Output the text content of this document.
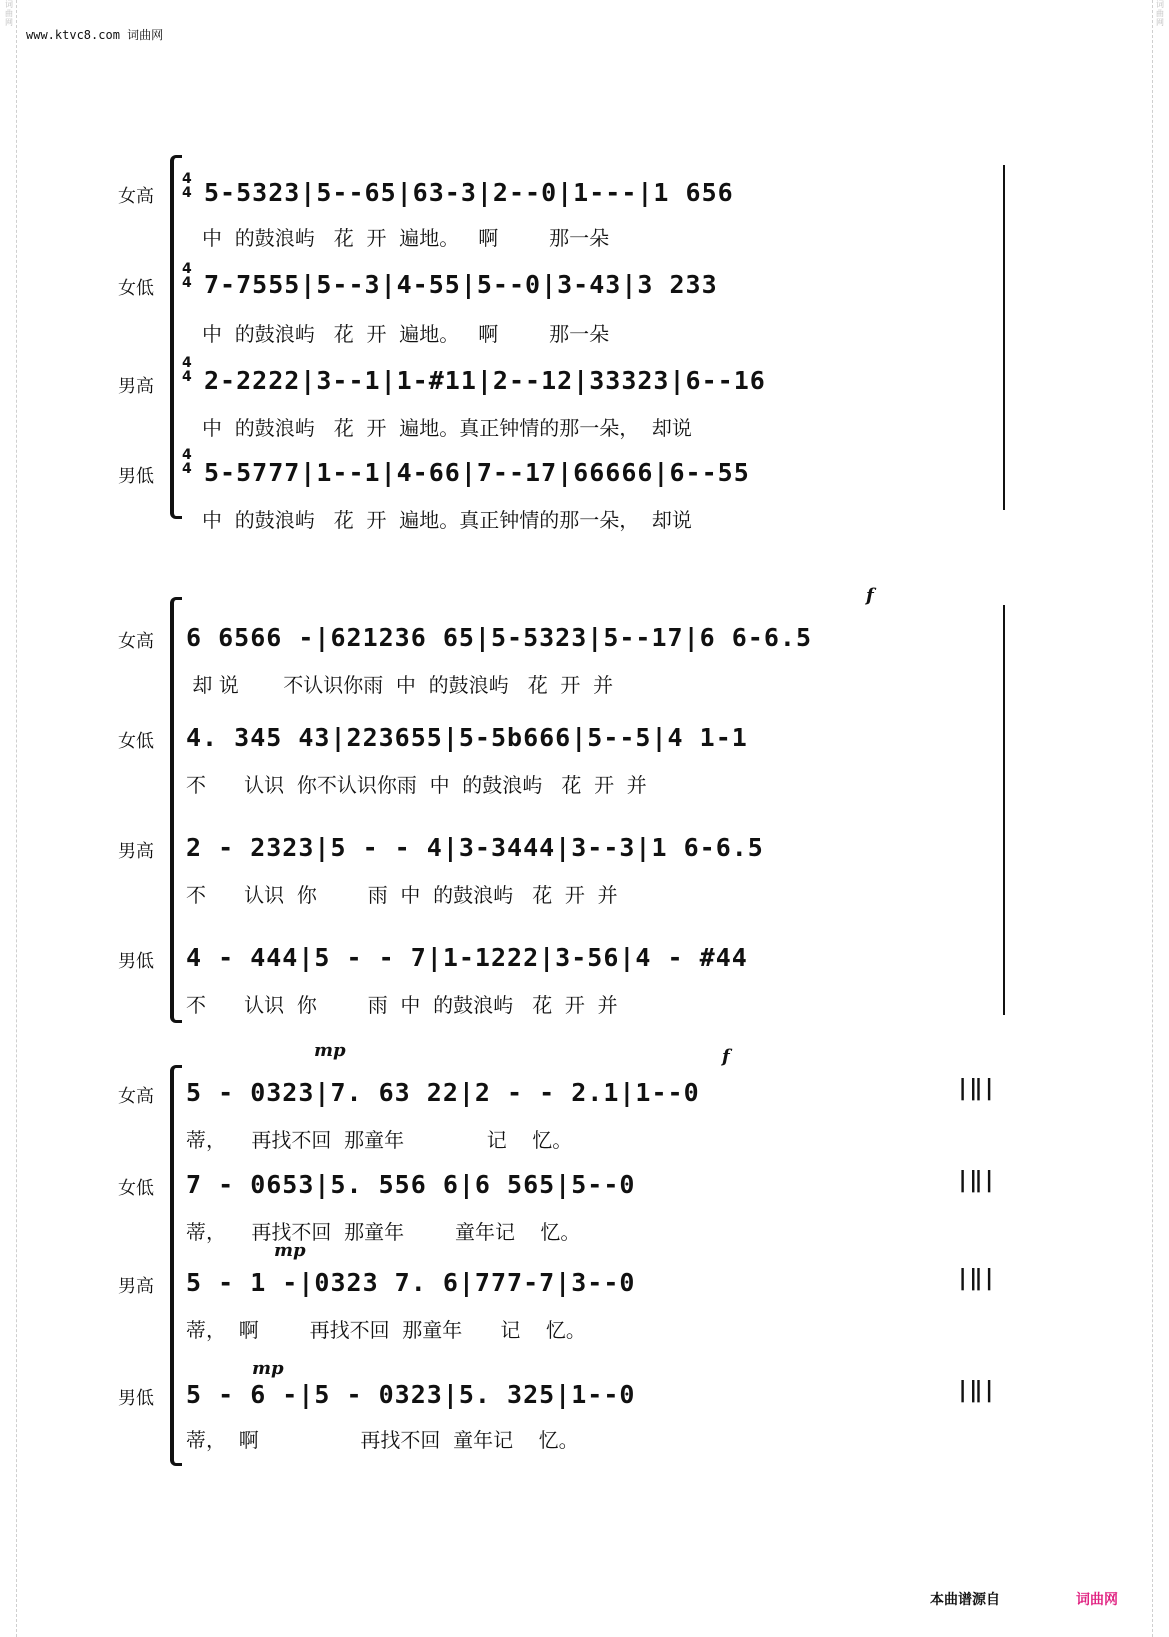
www.ktvc8.com 词曲网
词曲网
词曲网
4
4
4
4
4
4
4
4
女高 5-5323|5--65|63-3|2--0|1---|1 656
中  的鼓浪屿   花  开  遍地。   啊        那一朵
女低 7-7555|5--3|4-55|5--0|3-43|3 233
中  的鼓浪屿   花  开  遍地。   啊        那一朵
男高 2-2222|3--1|1-#11|2--12|33323|6--16
中  的鼓浪屿   花  开  遍地。真正钟情的那一朵，  却说
男低 5-5777|1--1|4-66|7--17|66666|6--55
中  的鼓浪屿   花  开  遍地。真正钟情的那一朵，  却说
f
女高 6 6566 -|621236 65|5-5323|5--17|6 6-6.5
却 说       不认识你雨  中  的鼓浪屿   花  开  并
女低 4. 345 43|223655|5-5b666|5--5|4 1-1
不      认识  你不认识你雨  中  的鼓浪屿   花  开  并
男高 2 - 2323|5 - - 4|3-3444|3--3|1 6-6.5
不      认识  你        雨  中  的鼓浪屿   花  开  并
男低 4 - 444|5 - - 7|1-1222|3-56|4 - #44
不      认识  你        雨  中  的鼓浪屿   花  开  并
mp	f
mp
mp
女高 5 - 0323|7. 63 22|2 - - 2.1|1--0
蒂，    再找不回  那童年             记    忆。
|‖|
女低 7 - 0653|5. 556 6|6 565|5--0
蒂，    再找不回  那童年        童年记    忆。
|‖|
男高 5 - 1 -|0323 7. 6|777-7|3--0
蒂，  啊        再找不回  那童年      记    忆。
|‖|
男低 5 - 6 -|5 - 0323|5. 325|1--0
蒂，  啊                再找不回  童年记    忆。
|‖|
本曲谱源自	词曲网
